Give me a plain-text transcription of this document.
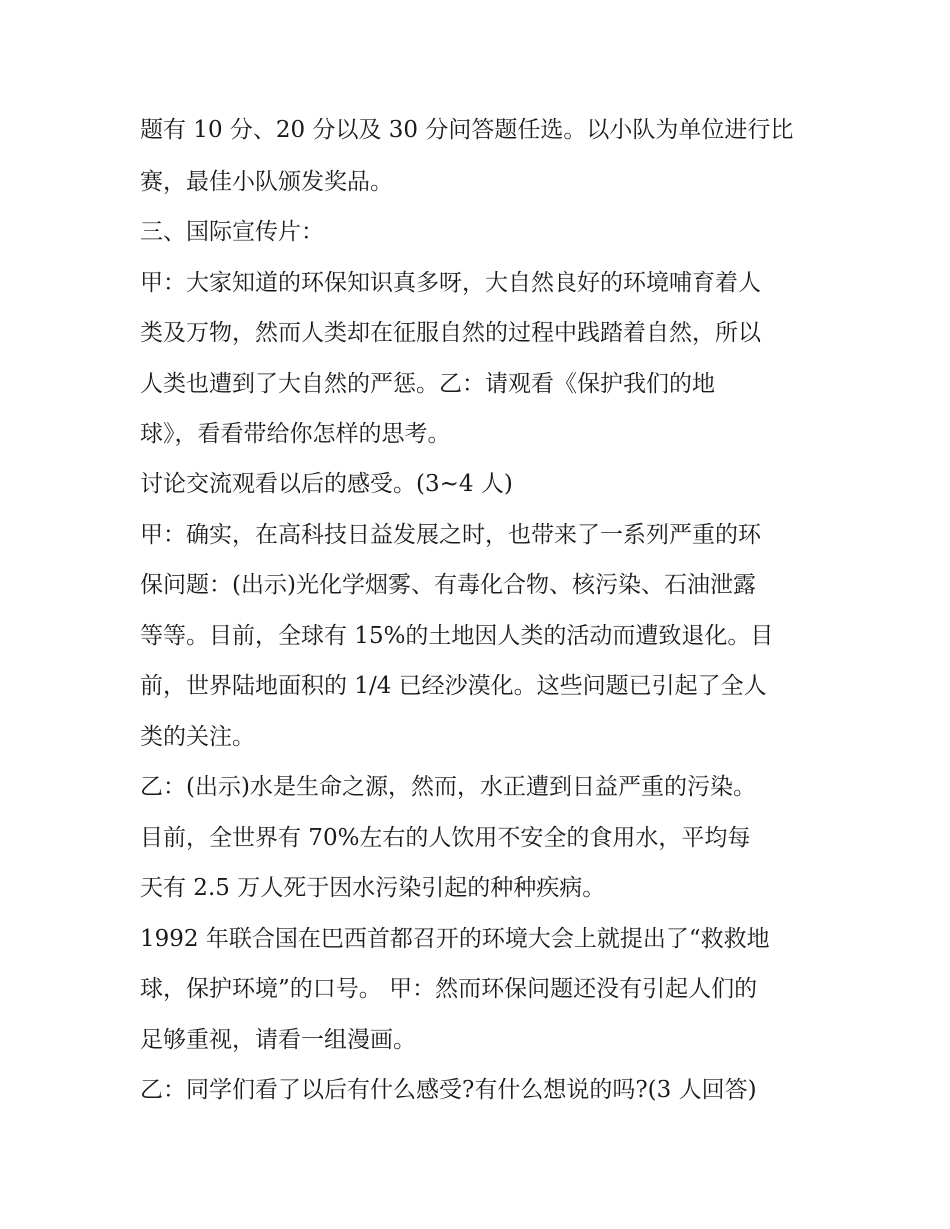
题有 10 分、20 分以及 30 分问答题任选。以小队为单位进行比
赛，最佳小队颁发奖品。
三、国际宣传片：
甲：大家知道的环保知识真多呀，大自然良好的环境哺育着人
类及万物，然而人类却在征服自然的过程中践踏着自然，所以
人类也遭到了大自然的严惩。乙：请观看《保护我们的地
球》，看看带给你怎样的思考。
讨论交流观看以后的感受。(3~4 人)
甲：确实，在高科技日益发展之时，也带来了一系列严重的环
保问题：(出示)光化学烟雾、有毒化合物、核污染、石油泄露
等等。目前，全球有 15%的土地因人类的活动而遭致退化。目
前，世界陆地面积的 1/4 已经沙漠化。这些问题已引起了全人
类的关注。
乙：(出示)水是生命之源，然而，水正遭到日益严重的污染。
目前，全世界有 70%左右的人饮用不安全的食用水，平均每
天有 2.5 万人死于因水污染引起的种种疾病。
1992 年联合国在巴西首都召开的环境大会上就提出了“救救地
球，保护环境”的口号。 甲：然而环保问题还没有引起人们的
足够重视，请看一组漫画。
乙：同学们看了以后有什么感受?有什么想说的吗?(3 人回答)
